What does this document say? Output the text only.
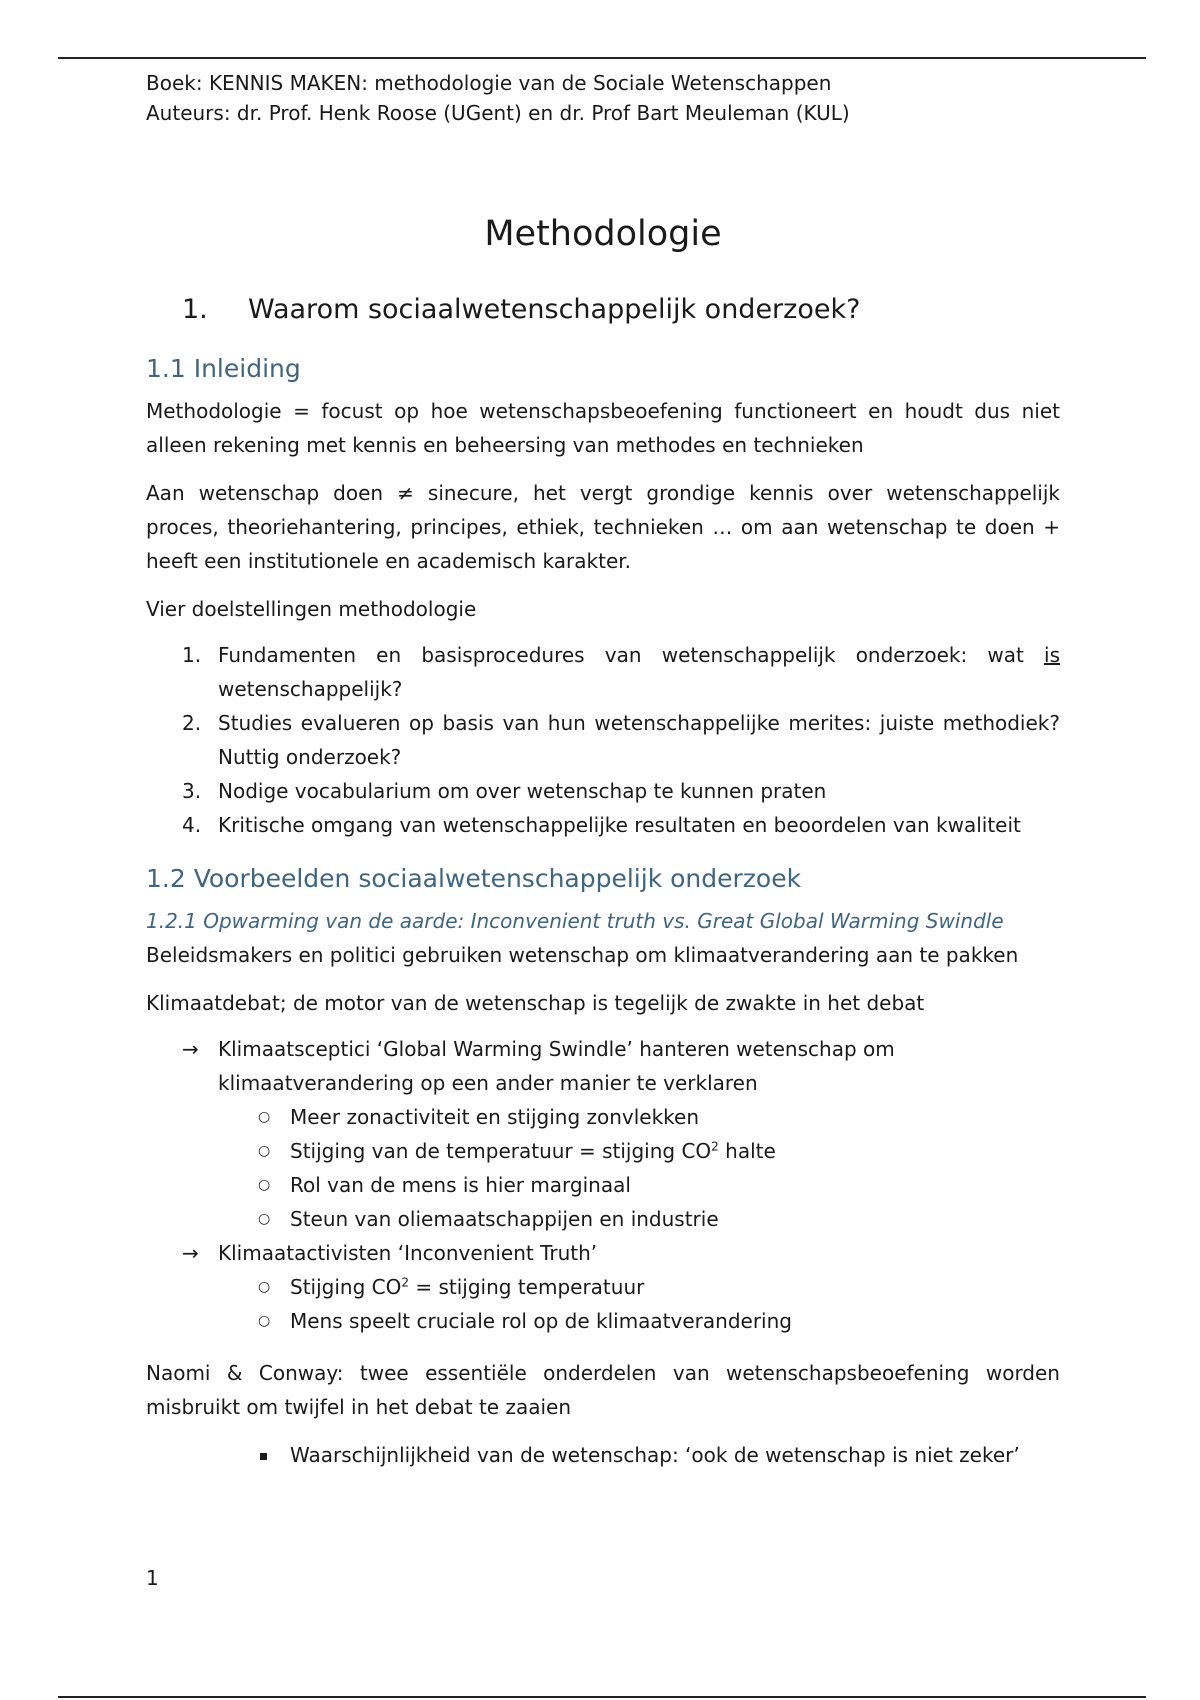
Boek: KENNIS MAKEN: methodologie van de Sociale Wetenschappen
Auteurs: dr. Prof. Henk Roose (UGent) en dr. Prof Bart Meuleman (KUL)
Methodologie
1.	Waarom sociaalwetenschappelijk onderzoek?
1.1 Inleiding
Methodologie = focust op hoe wetenschapsbeoefening functioneert en houdt dus niet alleen rekening met kennis en beheersing van methodes en technieken
Aan wetenschap doen ≠ sinecure, het vergt grondige kennis over wetenschappelijk proces, theoriehantering, principes, ethiek, technieken … om aan wetenschap te doen + heeft een institutionele en academisch karakter.
Vier doelstellingen methodologie
1. Fundamenten en basisprocedures van wetenschappelijk onderzoek: wat is wetenschappelijk?
2. Studies evalueren op basis van hun wetenschappelijke merites: juiste methodiek? Nuttig onderzoek?
3. Nodige vocabularium om over wetenschap te kunnen praten
4. Kritische omgang van wetenschappelijke resultaten en beoordelen van kwaliteit
1.2 Voorbeelden sociaalwetenschappelijk onderzoek
1.2.1 Opwarming van de aarde: Inconvenient truth vs. Great Global Warming Swindle
Beleidsmakers en politici gebruiken wetenschap om klimaatverandering aan te pakken
Klimaatdebat; de motor van de wetenschap is tegelijk de zwakte in het debat
→ Klimaatsceptici ‘Global Warming Swindle’ hanteren wetenschap om klimaatverandering op een ander manier te verklaren
○ Meer zonactiviteit en stijging zonvlekken
○ Stijging van de temperatuur = stijging $CO^2$ halte
○ Rol van de mens is hier marginaal
○ Steun van oliemaatschappijen en industrie
→ Klimaatactivisten ‘Inconvenient Truth’
○ Stijging $CO^2$ = stijging temperatuur
○ Mens speelt cruciale rol op de klimaatverandering
Naomi & Conway: twee essentiële onderdelen van wetenschapsbeoefening worden misbruikt om twijfel in het debat te zaaien
Waarschijnlijkheid van de wetenschap: ‘ook de wetenschap is niet zeker’
1
